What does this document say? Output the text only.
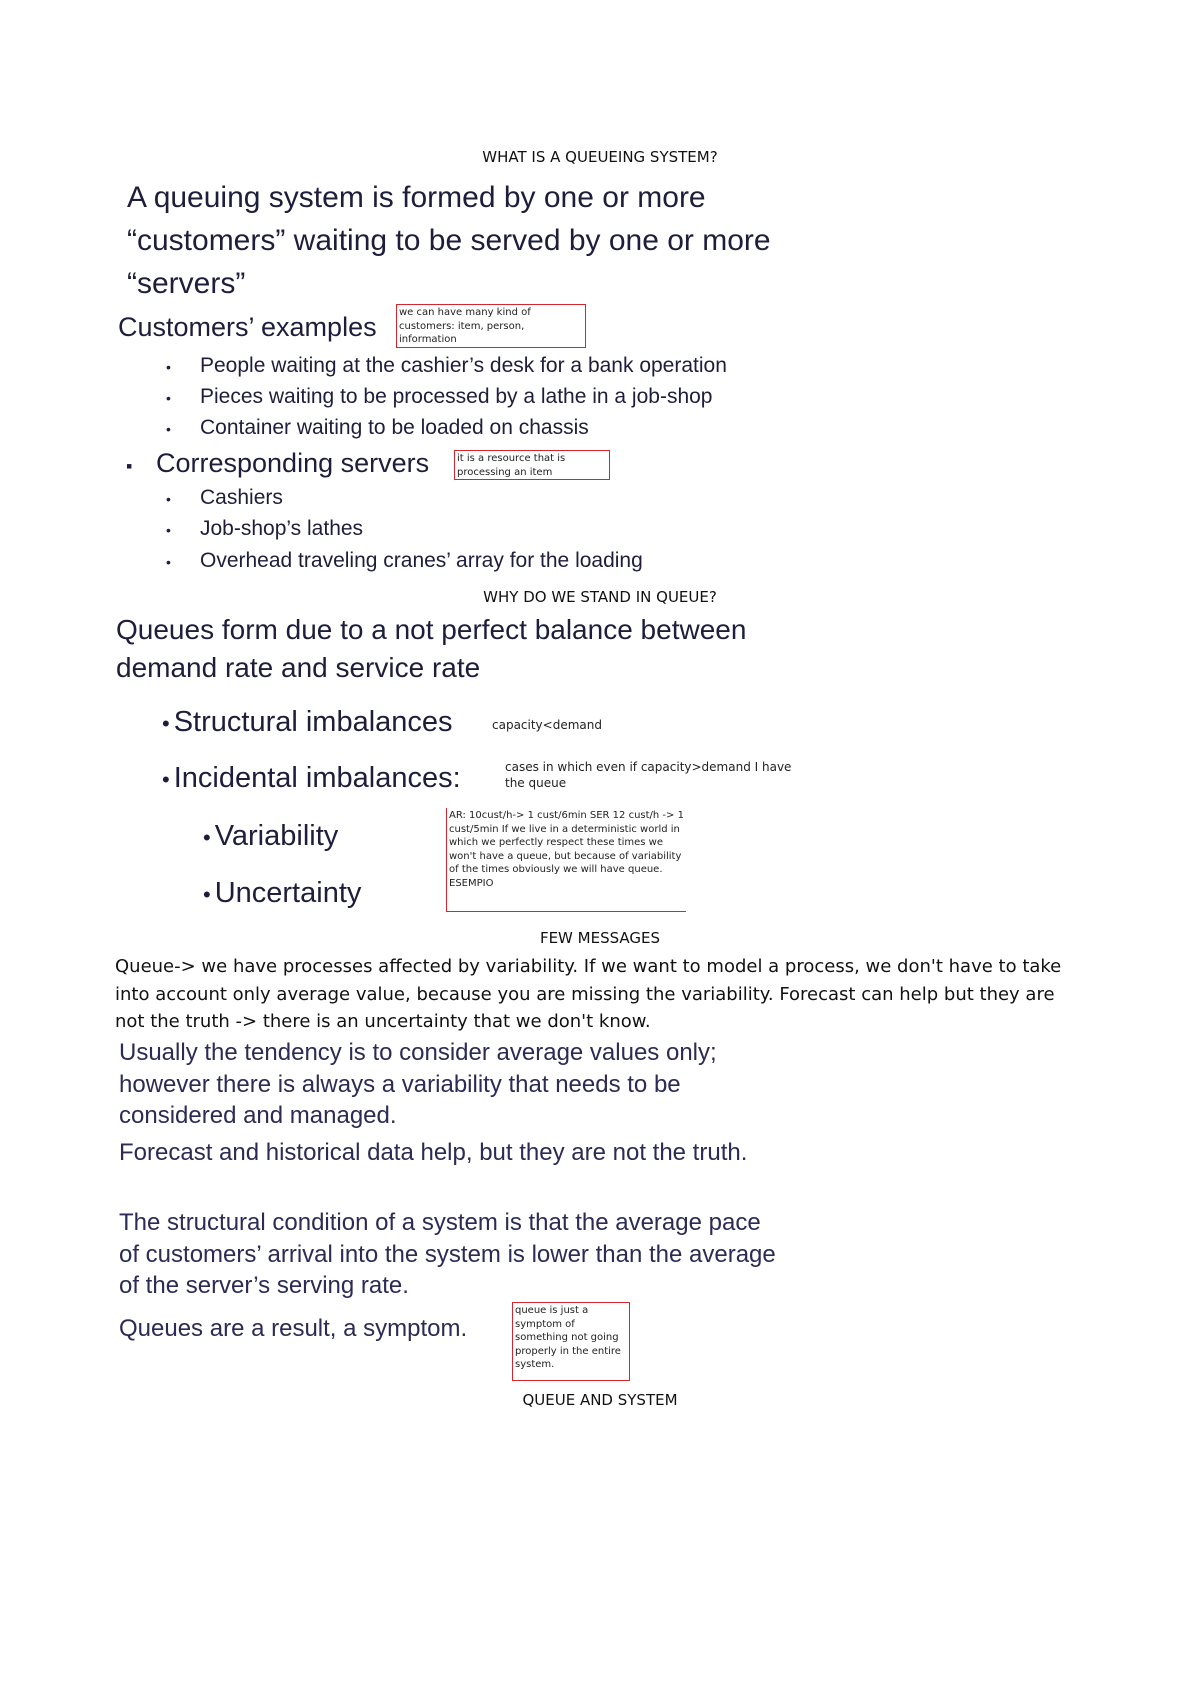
WHAT IS A QUEUEING SYSTEM?
A queuing system is formed by one or more
“customers” waiting to be served by one or more
“servers”
Customers’ examples	we can have many kind of customers: item, person, information
• People waiting at the cashier’s desk for a bank operation
• Pieces waiting to be processed by a lathe in a job-shop
• Container waiting to be loaded on chassis
▪ Corresponding servers	it is a resource that is processing an item
• Cashiers
• Job-shop’s lathes
• Overhead traveling cranes’ array for the loading
WHY DO WE STAND IN QUEUE?
Queues form due to a not perfect balance between
demand rate and service rate
• Structural imbalances	capacity<demand
• Incidental imbalances:	cases in which even if capacity>demand I have the queue
• Variability
• Uncertainty
AR: 10cust/h-> 1 cust/6min SER 12 cust/h -> 1 cust/5min If we live in a deterministic world in which we perfectly respect these times we won't have a queue, but because of variability of the times obviously we will have queue. ESEMPIO
FEW MESSAGES
Queue-> we have processes affected by variability. If we want to model a process, we don't have to take into account only average value, because you are missing the variability. Forecast can help but they are not the truth -> there is an uncertainty that we don't know.
Usually the tendency is to consider average values only; however there is always a variability that needs to be considered and managed.
Forecast and historical data help, but they are not the truth.
The structural condition of a system is that the average pace of customers’ arrival into the system is lower than the average of the server’s serving rate.
Queues are a result, a symptom.
queue is just a symptom of something not going properly in the entire system.
QUEUE AND SYSTEM
